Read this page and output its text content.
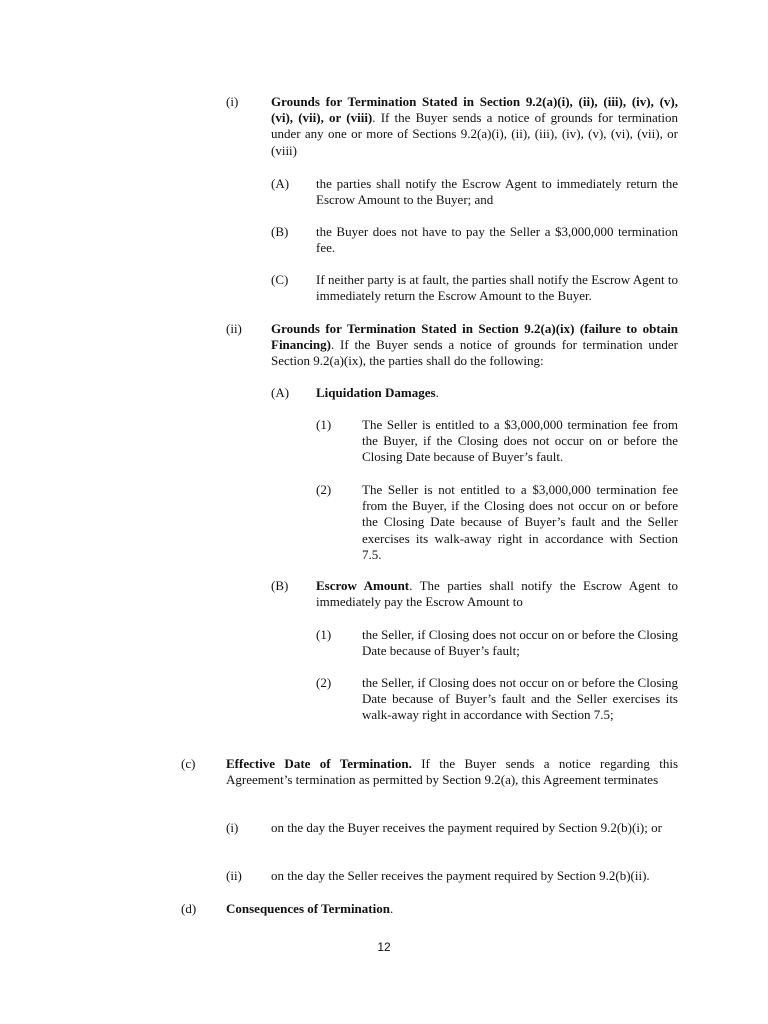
(i)	Grounds for Termination Stated in Section 9.2(a)(i), (ii), (iii), (iv), (v), (vi), (vii), or (viii). If the Buyer sends a notice of grounds for termination under any one or more of Sections 9.2(a)(i), (ii), (iii), (iv), (v), (vi), (vii), or (viii)
(A) the parties shall notify the Escrow Agent to immediately return the Escrow Amount to the Buyer; and
(B) the Buyer does not have to pay the Seller a $3,000,000 termination fee.
(C) If neither party is at fault, the parties shall notify the Escrow Agent to immediately return the Escrow Amount to the Buyer.
(ii) Grounds for Termination Stated in Section 9.2(a)(ix) (failure to obtain Financing). If the Buyer sends a notice of grounds for termination under Section 9.2(a)(ix), the parties shall do the following:
(A) Liquidation Damages.
(1) The Seller is entitled to a $3,000,000 termination fee from the Buyer, if the Closing does not occur on or before the Closing Date because of Buyer’s fault.
(2) The Seller is not entitled to a $3,000,000 termination fee from the Buyer, if the Closing does not occur on or before the Closing Date because of Buyer’s fault and the Seller exercises its walk-away right in accordance with Section 7.5.
(B) Escrow Amount. The parties shall notify the Escrow Agent to immediately pay the Escrow Amount to
(1) the Seller, if Closing does not occur on or before the Closing Date because of Buyer’s fault;
(2) the Seller, if Closing does not occur on or before the Closing Date because of Buyer’s fault and the Seller exercises its walk-away right in accordance with Section 7.5;
(c) Effective Date of Termination. If the Buyer sends a notice regarding this Agreement’s termination as permitted by Section 9.2(a), this Agreement terminates
(i)	on the day the Buyer receives the payment required by Section 9.2(b)(i); or
(ii) on the day the Seller receives the payment required by Section 9.2(b)(ii).
(d) Consequences of Termination.
12
